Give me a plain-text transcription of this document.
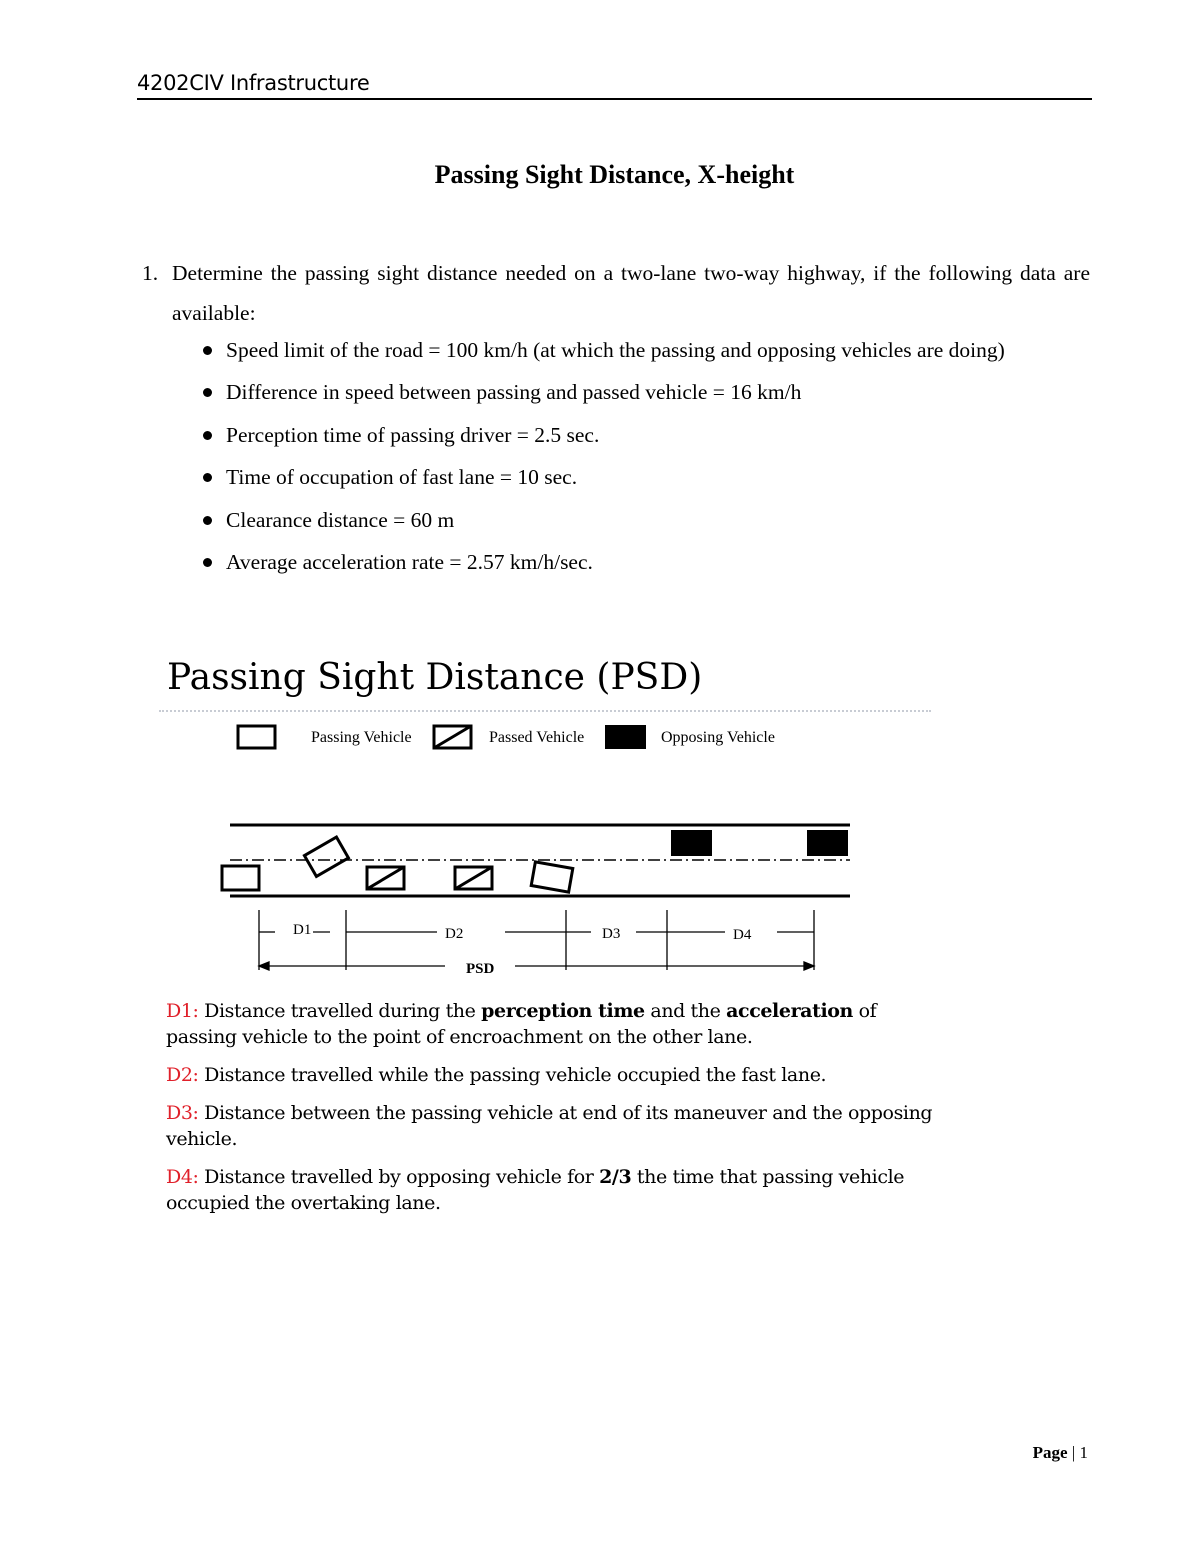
4202CIV Infrastructure
Passing Sight Distance, X-height
1. Determine the passing sight distance needed on a two-lane two-way highway, if the following data are available:
Speed limit of the road = 100 km/h (at which the passing and opposing vehicles are doing)
Difference in speed between passing and passed vehicle = 16 km/h
Perception time of passing driver = 2.5 sec.
Time of occupation of fast lane = 10 sec.
Clearance distance = 60 m
Average acceleration rate = 2.57 km/h/sec.
Passing Sight Distance (PSD)
D1	D2	D3	D4
PSD
Passing Vehicle	Passed Vehicle	Opposing Vehicle

D1: Distance travelled during the perception time and the acceleration of passing vehicle to the point of encroachment on the other lane.

D2: Distance travelled while the passing vehicle occupied the fast lane.

D3: Distance between the passing vehicle at end of its maneuver and the opposing vehicle.

D4: Distance travelled by opposing vehicle for 2/3 the time that passing vehicle occupied the overtaking lane.

Page | 1
